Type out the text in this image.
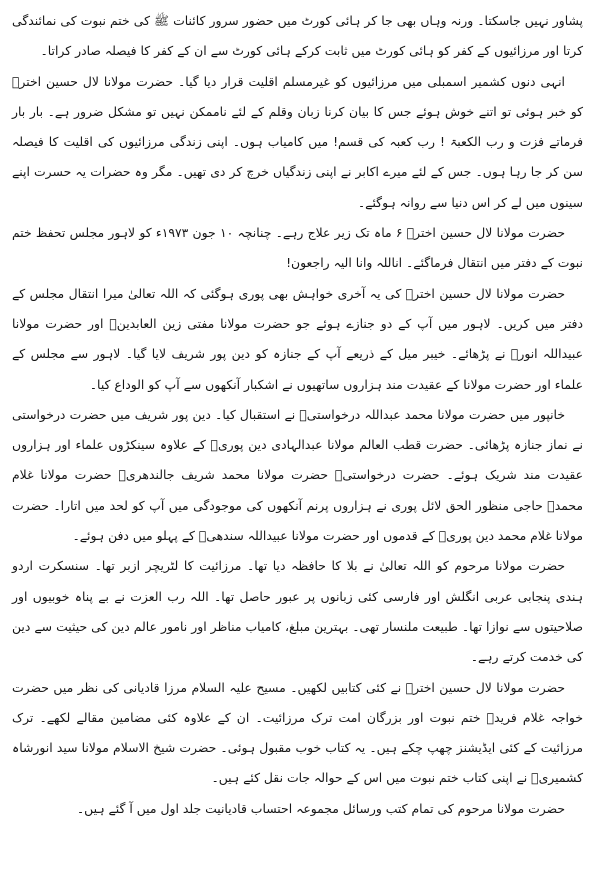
پشاور نہیں جاسکتا۔ ورنہ وہاں بھی جا کر ہائی کورٹ میں حضور سرور کائنات ﷺ کی ختم نبوت کی نمائندگی کرتا اور مرزائیوں کے کفر کو ہائی کورٹ میں ثابت کرکے ہائی کورٹ سے ان کے کفر کا فیصلہ صادر کراتا۔

انہی دنوں کشمیر اسمبلی میں مرزائیوں کو غیرمسلم اقلیت قرار دیا گیا۔ حضرت مولانا لال حسین اخترؒ کو خبر ہوئی تو اتنے خوش ہوئے جس کا بیان کرنا زبان وقلم کے لئے ناممکن نہیں تو مشکل ضرور ہے۔ بار بار فرماتے فزت و رب الکعبۃ ! رب کعبہ کی قسم! میں کامیاب ہوں۔ اپنی زندگی مرزائیوں کی اقلیت کا فیصلہ سن کر جا رہا ہوں۔ جس کے لئے میرے اکابر نے اپنی زندگیاں خرچ کر دی تھیں۔ مگر وہ حضرات یہ حسرت اپنے سینوں میں لے کر اس دنیا سے روانہ ہوگئے۔

حضرت مولانا لال حسین اخترؒ ۶ ماہ تک زیر علاج رہے۔ چنانچہ ۱۰ جون ۱۹۷۳ء کو لاہور مجلس تحفظ ختم نبوت کے دفتر میں انتقال فرماگئے۔ اناللہ وانا الیہ راجعون!

حضرت مولانا لال حسین اخترؒ کی یہ آخری خواہش بھی پوری ہوگئی کہ اللہ تعالیٰ میرا انتقال مجلس کے دفتر میں کریں۔ لاہور میں آپ کے دو جنازے ہوئے جو حضرت مولانا مفتی زین العابدینؒ اور حضرت مولانا عبیداللہ انورؒ نے پڑھائے۔ خیبر میل کے ذریعے آپ کے جنازہ کو دین پور شریف لایا گیا۔ لاہور سے مجلس کے علماء اور حضرت مولانا کے عقیدت مند ہزاروں ساتھیوں نے اشکبار آنکھوں سے آپ کو الوداع کیا۔

خانپور میں حضرت مولانا محمد عبداللہ درخواستیؒ نے استقبال کیا۔ دین پور شریف میں حضرت درخواستی نے نماز جنازہ پڑھائی۔ حضرت قطب العالم مولانا عبدالہادی دین پوریؒ کے علاوہ سینکڑوں علماء اور ہزاروں عقیدت مند شریک ہوئے۔ حضرت درخواستیؒ حضرت مولانا محمد شریف جالندھریؒ حضرت مولانا غلام محمدؒ حاجی منظور الحق لائل پوری نے ہزاروں پرنم آنکھوں کی موجودگی میں آپ کو لحد میں اتارا۔ حضرت مولانا غلام محمد دین پوریؒ کے قدموں اور حضرت مولانا عبیداللہ سندھیؒ کے پہلو میں دفن ہوئے۔

حضرت مولانا مرحوم کو اللہ تعالیٰ نے بلا کا حافظہ دیا تھا۔ مرزائیت کا لٹریچر ازبر تھا۔ سنسکرت اردو ہندی پنجابی عربی انگلش اور فارسی کئی زبانوں پر عبور حاصل تھا۔ اللہ رب العزت نے بے پناہ خوبیوں اور صلاحیتوں سے نوازا تھا۔ طبیعت ملنسار تھی۔ بہترین مبلغ، کامیاب مناظر اور نامور عالم دین کی حیثیت سے دین کی خدمت کرتے رہے۔

حضرت مولانا لال حسین اخترؒ نے کئی کتابیں لکھیں۔ مسیح علیہ السلام مرزا قادیانی کی نظر میں حضرت خواجہ غلام فریدؒ ختم نبوت اور بزرگان امت ترک مرزائیت۔ ان کے علاوہ کئی مضامین مقالے لکھے۔ ترک مرزائیت کے کئی ایڈیشنز چھپ چکے ہیں۔ یہ کتاب خوب مقبول ہوئی۔ حضرت شیخ الاسلام مولانا سید انورشاہ کشمیریؒ نے اپنی کتاب ختم نبوت میں اس کے حوالہ جات نقل کئے ہیں۔

حضرت مولانا مرحوم کی تمام کتب ورسائل مجموعہ احتساب قادیانیت جلد اول میں آ گئے ہیں۔
